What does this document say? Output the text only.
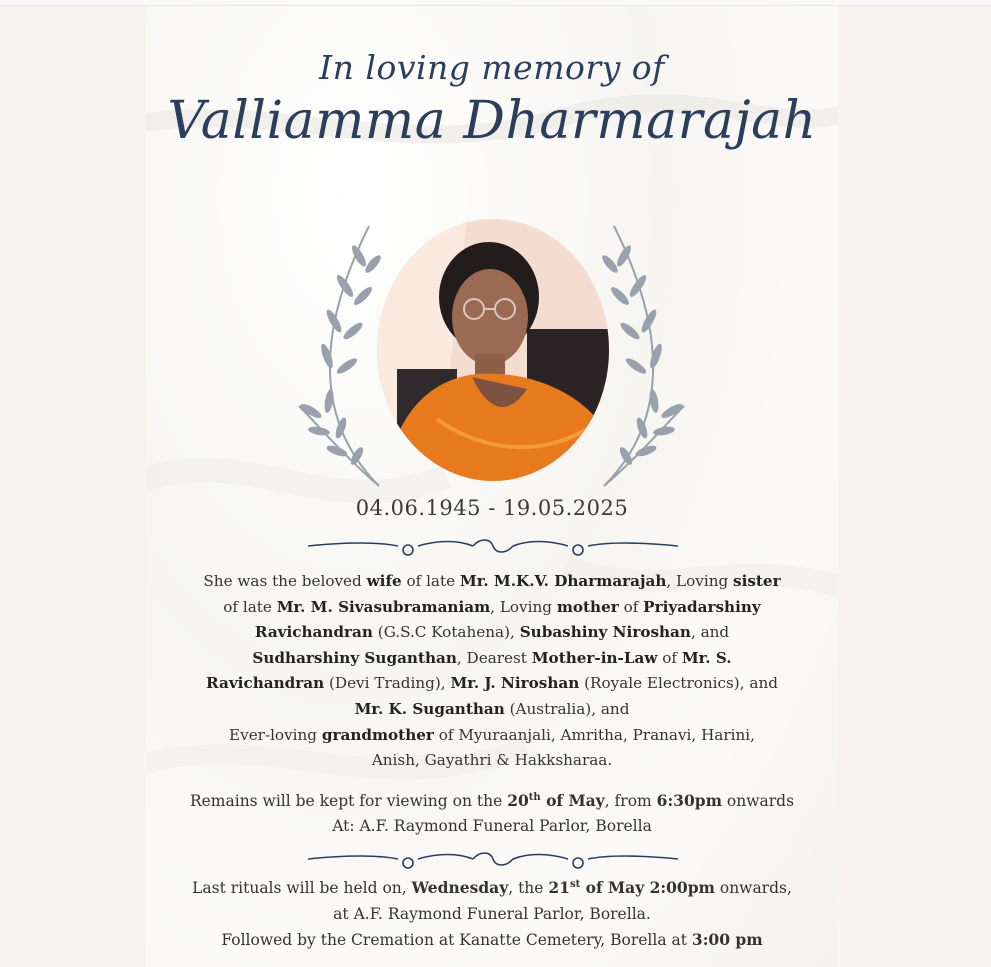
In loving memory of
Valliamma Dharmarajah
04.06.1945 - 19.05.2025
She was the beloved wife of late Mr. M.K.V. Dharmarajah, Loving sister
of late Mr. M. Sivasubramaniam, Loving mother of Priyadarshiny
Ravichandran (G.S.C Kotahena), Subashiny Niroshan, and
Sudharshiny Suganthan, Dearest Mother-in-Law of Mr. S.
Ravichandran (Devi Trading), Mr. J. Niroshan (Royale Electronics), and
Mr. K. Suganthan (Australia), and
Ever-loving grandmother of Myuraanjali, Amritha, Pranavi, Harini,
Anish, Gayathri & Hakksharaa.
Remains will be kept for viewing on the 20th of May, from 6:30pm onwards
At: A.F. Raymond Funeral Parlor, Borella
Last rituals will be held on, Wednesday, the 21st of May 2:00pm onwards,
at A.F. Raymond Funeral Parlor, Borella.
Followed by the Cremation at Kanatte Cemetery, Borella at 3:00 pm
